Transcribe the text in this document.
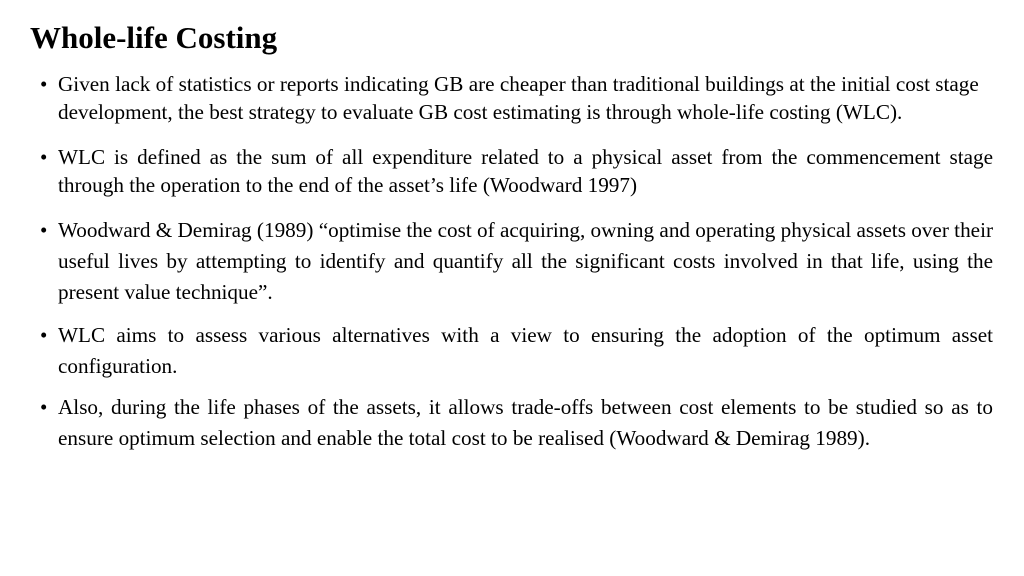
Whole-life Costing
• Given lack of statistics or reports indicating GB are cheaper than traditional buildings at the initial cost stage development, the best strategy to evaluate GB cost estimating is through whole-life costing (WLC).
• WLC is defined as the sum of all expenditure related to a physical asset from the commencement stage through the operation to the end of the asset’s life (Woodward 1997)
• Woodward & Demirag (1989) “optimise the cost of acquiring, owning and operating physical assets over their useful lives by attempting to identify and quantify all the significant costs involved in that life, using the present value technique”.
• WLC aims to assess various alternatives with a view to ensuring the adoption of the optimum asset configuration.
• Also, during the life phases of the assets, it allows trade-offs between cost elements to be studied so as to ensure optimum selection and enable the total cost to be realised (Woodward & Demirag 1989).
